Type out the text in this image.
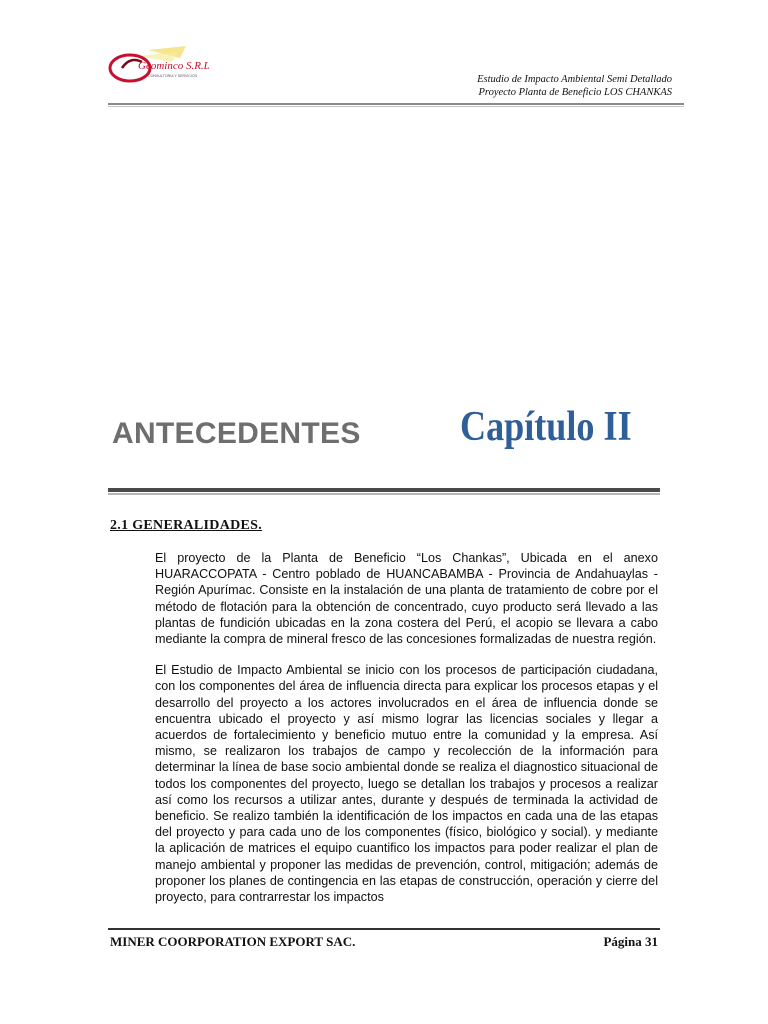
Geominco S.R.L
CONSULTORIA Y SERVICIOS	Estudio de Impacto Ambiental Semi Detallado
Proyecto Planta de Beneficio LOS CHANKAS
ANTECEDENTES Capítulo II
2.1 GENERALIDADES.

El proyecto de la Planta de Beneficio “Los Chankas”, Ubicada en el anexo HUARACCOPATA - Centro poblado de HUANCABAMBA - Provincia de Andahuaylas - Región Apurímac. Consiste en la instalación de una planta de tratamiento de cobre por el método de flotación para la obtención de concentrado, cuyo producto será llevado a las plantas de fundición ubicadas en la zona costera del Perú, el acopio se llevara a cabo mediante la compra de mineral fresco de las concesiones formalizadas de nuestra región.

El Estudio de Impacto Ambiental se inicio con los procesos de participación ciudadana, con los componentes del área de influencia directa para explicar los procesos etapas y el desarrollo del proyecto a los actores involucrados en el área de influencia donde se encuentra ubicado el proyecto y así mismo lograr las licencias sociales y llegar a acuerdos de fortalecimiento y beneficio mutuo entre la comunidad y la empresa. Así mismo, se realizaron los trabajos de campo y recolección de la información para determinar la línea de base socio ambiental donde se realiza el diagnostico situacional de todos los componentes del proyecto, luego se detallan los trabajos y procesos a realizar así como los recursos a utilizar antes, durante y después de terminada la actividad de beneficio. Se realizo también la identificación de los impactos en cada una de las etapas del proyecto y para cada uno de los componentes (físico, biológico y social). y mediante la aplicación de matrices el equipo cuantifico los impactos para poder realizar el plan de manejo ambiental y proponer las medidas de prevención, control, mitigación; además de proponer los planes de contingencia en las etapas de construcción, operación y cierre del proyecto, para contrarrestar los impactos

MINER COORPORATION EXPORT SAC.	Página 31
